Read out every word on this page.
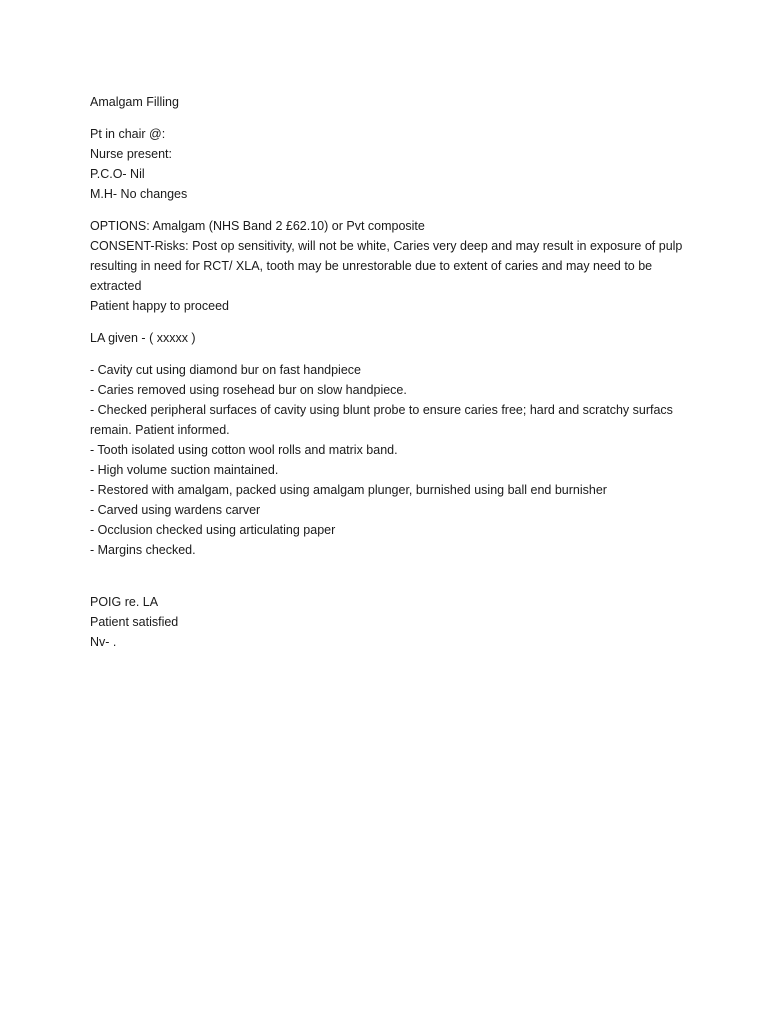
Amalgam Filling
Pt in chair @:
Nurse present:
P.C.O- Nil
M.H- No changes
OPTIONS: Amalgam (NHS Band 2 £62.10) or Pvt composite
CONSENT-Risks: Post op sensitivity, will not be white, Caries very deep and may result in exposure of pulp resulting in need for RCT/ XLA, tooth may be unrestorable due to extent of caries and may need to be extracted
Patient happy to proceed
LA given - ( xxxxx )
- Cavity cut using diamond bur on fast handpiece
- Caries removed using rosehead bur on slow handpiece.
- Checked peripheral surfaces of cavity using blunt probe to ensure caries free; hard and scratchy surfacs remain. Patient informed.
- Tooth isolated using cotton wool rolls and matrix band.
- High volume suction maintained.
- Restored with amalgam, packed using amalgam plunger, burnished using ball end burnisher
- Carved using wardens carver
- Occlusion checked using articulating paper
- Margins checked.
POIG re. LA
Patient satisfied
Nv- .
